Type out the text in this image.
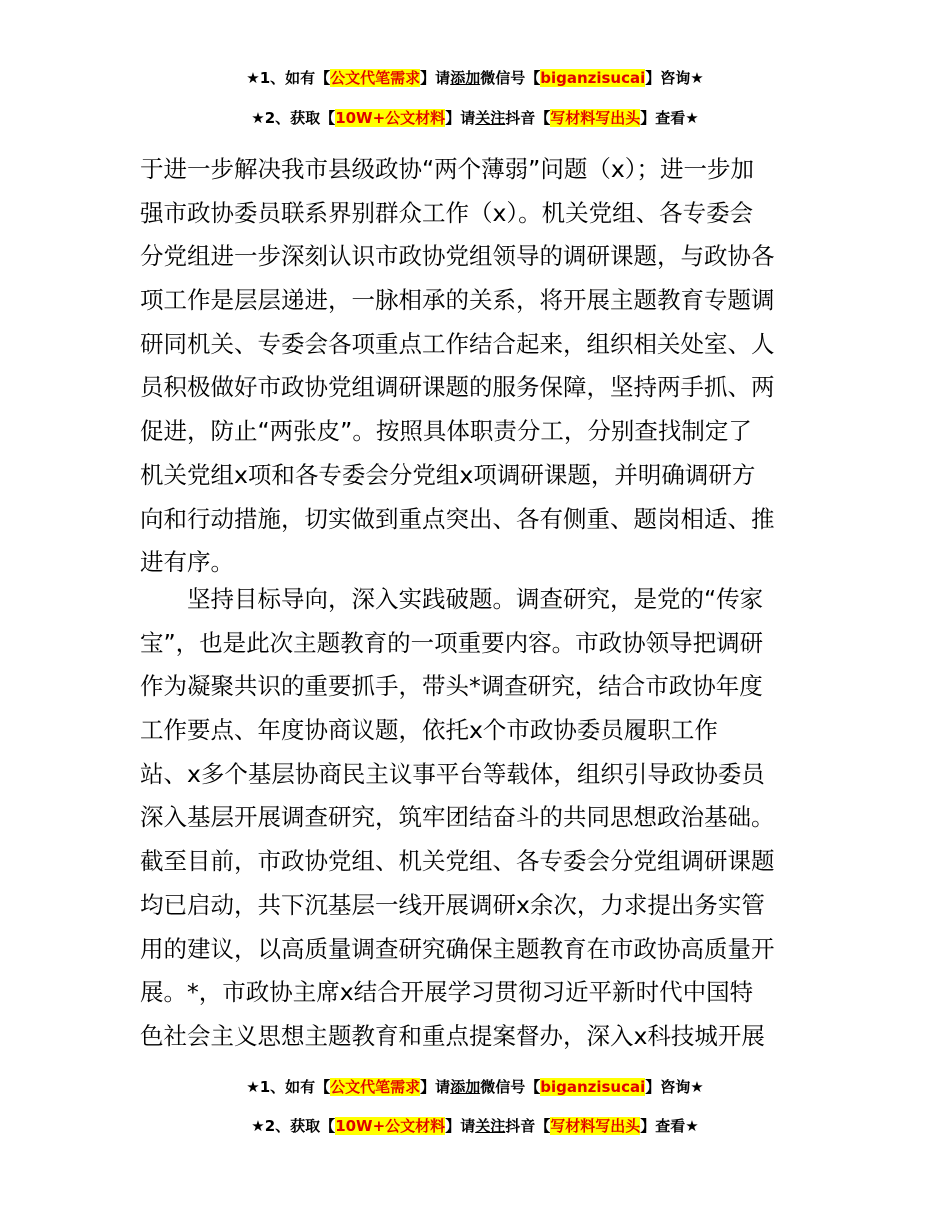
★1、如有【公文代笔需求】请添加微信号【biganzisucai】咨询★
★2、获取【10W+公文材料】请关注抖音【写材料写出头】查看★
于进一步解决我市县级政协“两个薄弱”问题（x）；进一步加
强市政协委员联系界别群众工作（x）。机关党组、各专委会
分党组进一步深刻认识市政协党组领导的调研课题，与政协各
项工作是层层递进，一脉相承的关系，将开展主题教育专题调
研同机关、专委会各项重点工作结合起来，组织相关处室、人
员积极做好市政协党组调研课题的服务保障，坚持两手抓、两
促进，防止“两张皮”。按照具体职责分工，分别查找制定了
机关党组x项和各专委会分党组x项调研课题，并明确调研方
向和行动措施，切实做到重点突出、各有侧重、题岗相适、推
进有序。
　　坚持目标导向，深入实践破题。调查研究，是党的“传家
宝”，也是此次主题教育的一项重要内容。市政协领导把调研
作为凝聚共识的重要抓手，带头*调查研究，结合市政协年度
工作要点、年度协商议题，依托x个市政协委员履职工作
站、x多个基层协商民主议事平台等载体，组织引导政协委员
深入基层开展调查研究，筑牢团结奋斗的共同思想政治基础。
截至目前，市政协党组、机关党组、各专委会分党组调研课题
均已启动，共下沉基层一线开展调研x余次，力求提出务实管
用的建议，以高质量调查研究确保主题教育在市政协高质量开
展。*，市政协主席x结合开展学习贯彻习近平新时代中国特
色社会主义思想主题教育和重点提案督办，深入x科技城开展
★1、如有【公文代笔需求】请添加微信号【biganzisucai】咨询★
★2、获取【10W+公文材料】请关注抖音【写材料写出头】查看★
